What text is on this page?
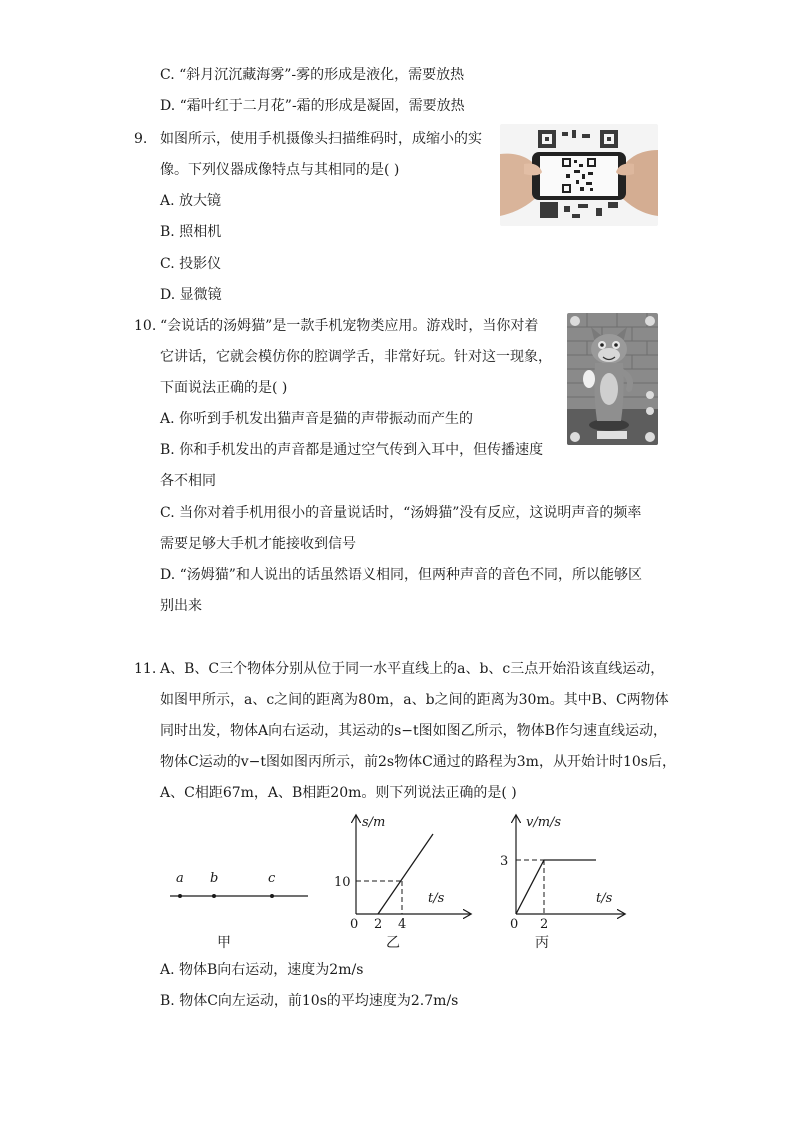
C. “斜月沉沉藏海雾”-雾的形成是液化，需要放热
D. “霜叶红于二月花”-霜的形成是凝固，需要放热
9. 如图所示，使用手机摄像头扫描维码时，成缩小的实
像。下列仪器成像特点与其相同的是( )
A. 放大镜
B. 照相机
C. 投影仪
D. 显微镜
10. “会说话的汤姆猫”是一款手机宠物类应用。游戏时，当你对着
它讲话，它就会模仿你的腔调学舌，非常好玩。针对这一现象，
下面说法正确的是( )
A. 你听到手机发出猫声音是猫的声带振动而产生的
B. 你和手机发出的声音都是通过空气传到入耳中，但传播速度
各不相同
C. 当你对着手机用很小的音量说话时，“汤姆猫”没有反应，这说明声音的频率
需要足够大手机才能接收到信号
D. “汤姆猫”和人说出的话虽然语义相同，但两种声音的音色不同，所以能够区
别出来
11. A、B、C三个物体分别从位于同一水平直线上的a、b、c三点开始沿该直线运动，
如图甲所示，a、c之间的距离为80m，a、b之间的距离为30m。其中B、C两物体
同时出发，物体A向右运动，其运动的s−t图如图乙所示，物体B作匀速直线运动，
物体C运动的v−t图如图丙所示，前2s物体C通过的路程为3m，从开始计时10s后，
A、C相距67m，A、B相距20m。则下列说法正确的是( )
a b	c
甲
s/m
t/s
10
0 2 4
乙
v/m/s
t/s
3
0 2
丙
A. 物体B向右运动，速度为2m/s
B. 物体C向左运动，前10s的平均速度为2.7m/s
